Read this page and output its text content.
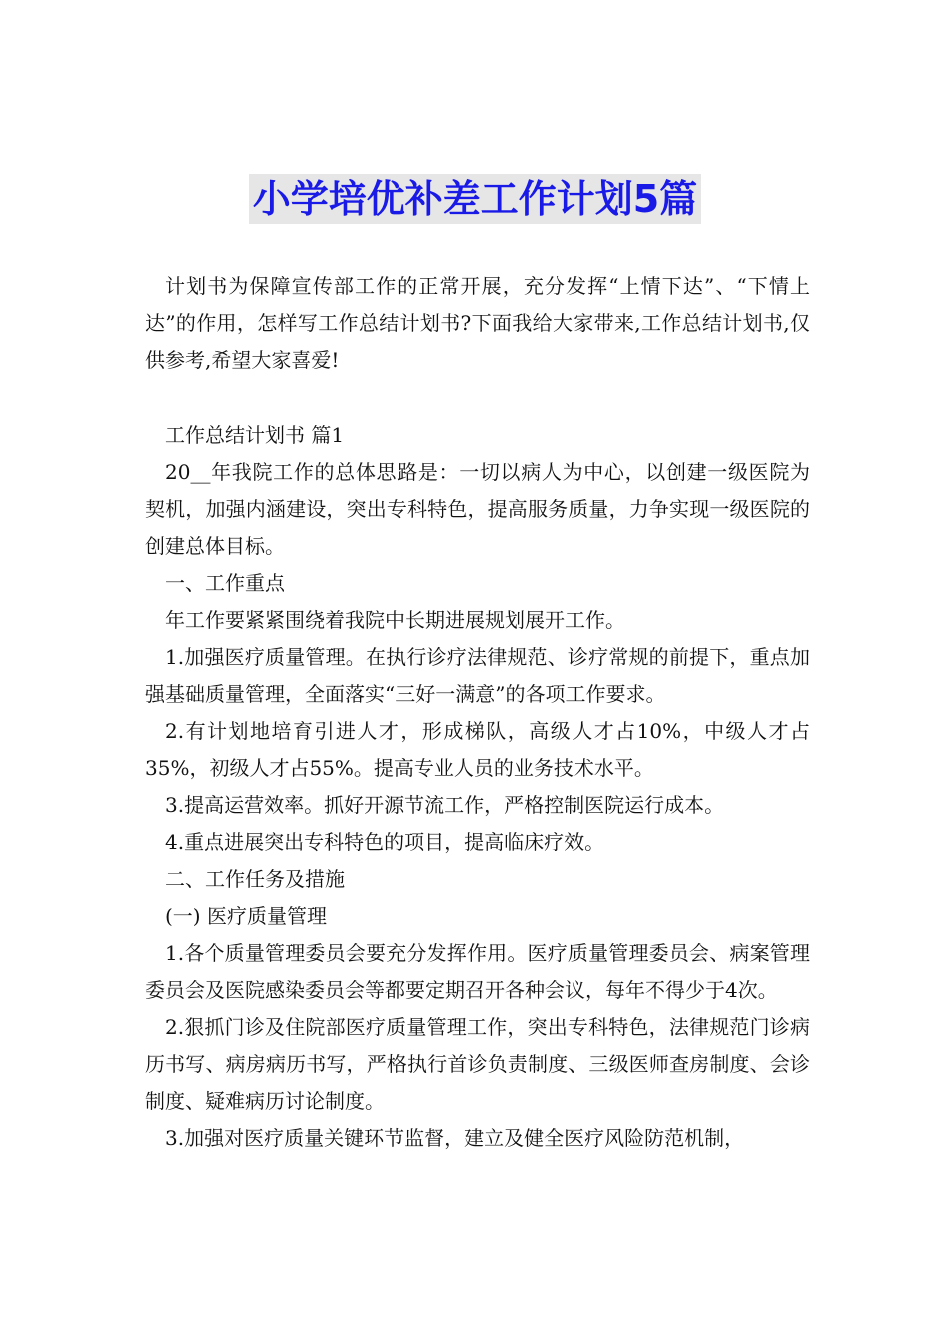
小学培优补差工作计划5篇

计划书为保障宣传部工作的正常开展，充分发挥“上情下达”、“下情上达”的作用，怎样写工作总结计划书?下面我给大家带来,工作总结计划书,仅供参考,希望大家喜爱!

工作总结计划书 篇1

20__年我院工作的总体思路是：一切以病人为中心，以创建一级医院为契机，加强内涵建设，突出专科特色，提高服务质量，力争实现一级医院的创建总体目标。

一、工作重点

年工作要紧紧围绕着我院中长期进展规划展开工作。

1.加强医疗质量管理。在执行诊疗法律规范、诊疗常规的前提下，重点加强基础质量管理，全面落实“三好一满意”的各项工作要求。

2.有计划地培育引进人才，形成梯队，高级人才占10%，中级人才占35%，初级人才占55%。提高专业人员的业务技术水平。

3.提高运营效率。抓好开源节流工作，严格控制医院运行成本。

4.重点进展突出专科特色的项目，提高临床疗效。

二、工作任务及措施

(一) 医疗质量管理

1.各个质量管理委员会要充分发挥作用。医疗质量管理委员会、病案管理委员会及医院感染委员会等都要定期召开各种会议，每年不得少于4次。

2.狠抓门诊及住院部医疗质量管理工作，突出专科特色，法律规范门诊病历书写、病房病历书写，严格执行首诊负责制度、三级医师查房制度、会诊制度、疑难病历讨论制度。

3.加强对医疗质量关键环节监督，建立及健全医疗风险防范机制，
